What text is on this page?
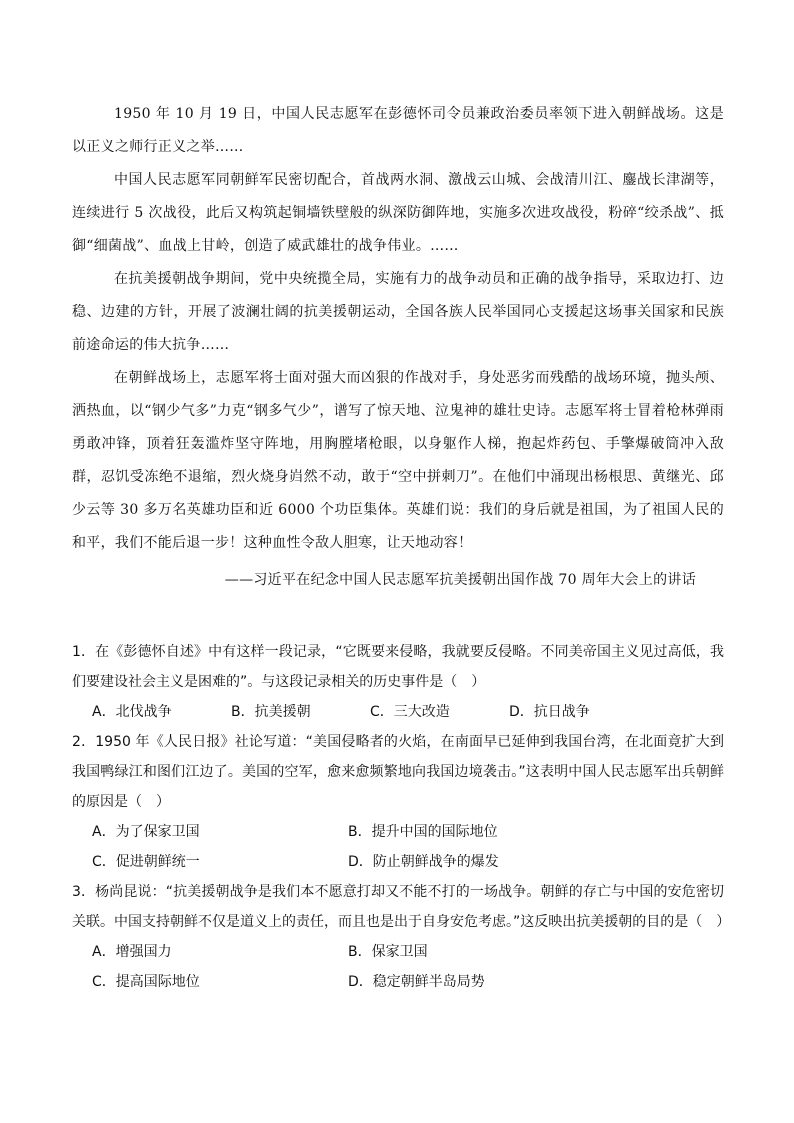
1950 年 10 月 19 日，中国人民志愿军在彭德怀司令员兼政治委员率领下进入朝鲜战场。这是以正义之师行正义之举……

中国人民志愿军同朝鲜军民密切配合，首战两水洞、激战云山城、会战清川江、鏖战长津湖等，连续进行 5 次战役，此后又构筑起铜墙铁壁般的纵深防御阵地，实施多次进攻战役，粉碎“绞杀战”、抵御“细菌战”、血战上甘岭，创造了威武雄壮的战争伟业。……

在抗美援朝战争期间，党中央统揽全局，实施有力的战争动员和正确的战争指导，采取边打、边稳、边建的方针，开展了波澜壮阔的抗美援朝运动，全国各族人民举国同心支援起这场事关国家和民族前途命运的伟大抗争……

在朝鲜战场上，志愿军将士面对强大而凶狠的作战对手，身处恶劣而残酷的战场环境，抛头颅、洒热血，以“钢少气多”力克“钢多气少”，谱写了惊天地、泣鬼神的雄壮史诗。志愿军将士冒着枪林弹雨勇敢冲锋，顶着狂轰滥炸坚守阵地，用胸膛堵枪眼，以身躯作人梯，抱起炸药包、手擎爆破筒冲入敌群，忍饥受冻绝不退缩，烈火烧身岿然不动，敢于“空中拼刺刀”。在他们中涌现出杨根思、黄继光、邱少云等 30 多万名英雄功臣和近 6000 个功臣集体。英雄们说：我们的身后就是祖国，为了祖国人民的和平，我们不能后退一步！这种血性令敌人胆寒，让天地动容！

——习近平在纪念中国人民志愿军抗美援朝出国作战 70 周年大会上的讲话

1．在《彭德怀自述》中有这样一段记录，“它既要来侵略，我就要反侵略。不同美帝国主义见过高低，我们要建设社会主义是困难的”。与这段记录相关的历史事件是（　）

A．北伐战争	B．抗美援朝	C．三大改造	D．抗日战争

2．1950 年《人民日报》社论写道：“美国侵略者的火焰，在南面早已延伸到我国台湾，在北面竟扩大到我国鸭绿江和图们江边了。美国的空军，愈来愈频繁地向我国边境袭击。”这表明中国人民志愿军出兵朝鲜的原因是（　）

A．为了保家卫国	B．提升中国的国际地位
C．促进朝鲜统一	D．防止朝鲜战争的爆发

3．杨尚昆说：“抗美援朝战争是我们本不愿意打却又不能不打的一场战争。朝鲜的存亡与中国的安危密切关联。中国支持朝鲜不仅是道义上的责任，而且也是出于自身安危考虑。”这反映出抗美援朝的目的是（　）

A．增强国力	B．保家卫国
C．提高国际地位	D．稳定朝鲜半岛局势
